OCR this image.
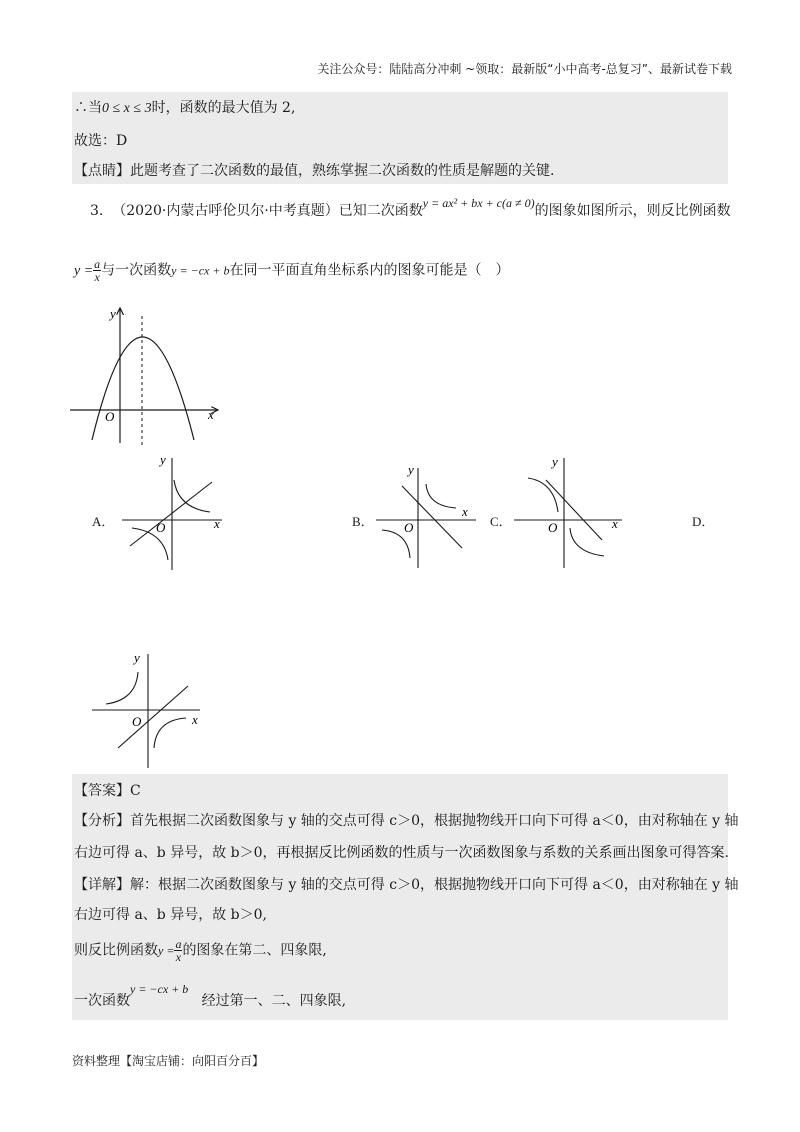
关注公众号：陆陆高分冲刺 ~领取：最新版“小中高考-总复习”、最新试卷下载
∴当0 ≤ x ≤ 3时，函数的最大值为 2,
故选：D
【点睛】此题考查了二次函数的最值，熟练掌握二次函数的性质是解题的关键.
3. （2020·内蒙古呼伦贝尔·中考真题）已知二次函数y = ax² + bx + c(a ≠ 0)的图象如图所示，则反比例函数
$y = \frac{a}{x}$ 与一次函数y = −cx + b在同一平面直角坐标系内的图象可能是（　）
y
x
O
A．
y
x
O	B．
y
x
O	C．
y
x
O	D．
y
x
O
【答案】C
【分析】首先根据二次函数图象与 y 轴的交点可得 c＞0，根据抛物线开口向下可得 a＜0，由对称轴在 y 轴
右边可得 a、b 异号，故 b＞0，再根据反比例函数的性质与一次函数图象与系数的关系画出图象可得答案.
【详解】解：根据二次函数图象与 y 轴的交点可得 c＞0，根据抛物线开口向下可得 a＜0，由对称轴在 y 轴
右边可得 a、b 异号，故 b＞0,
则反比例函数$y = \frac{a}{x}$ 的图象在第二、四象限,
一次函数y = −cx + b   经过第一、二、四象限,
资料整理【淘宝店铺：向阳百分百】
